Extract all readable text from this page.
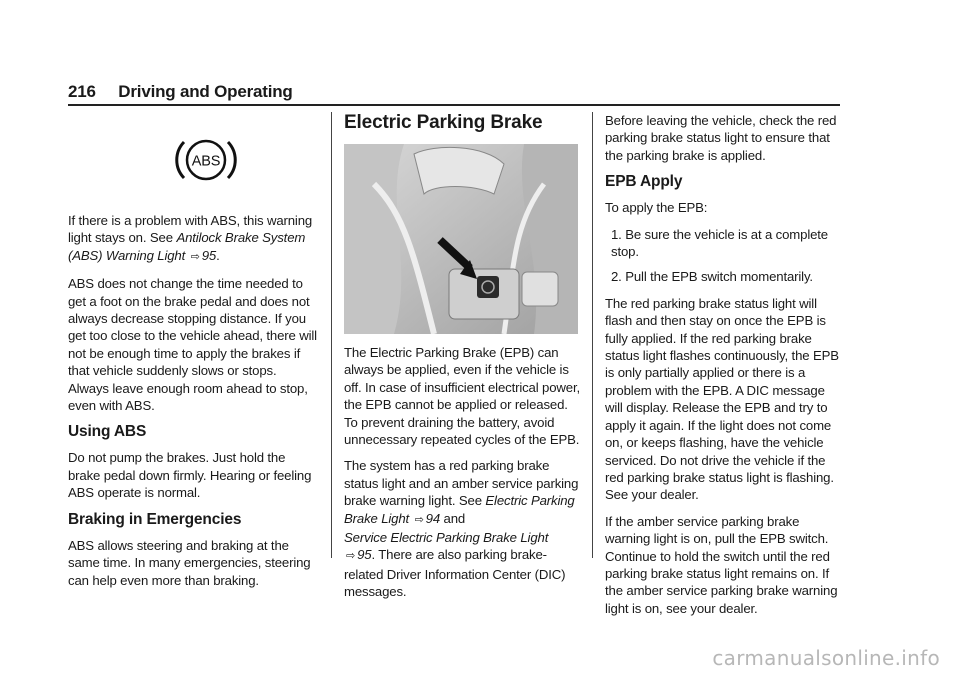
216 Driving and Operating
ABS

If there is a problem with ABS, this warning light stays on. See Antilock Brake System (ABS) Warning Light ⇨ 95.

ABS does not change the time needed to get a foot on the brake pedal and does not always decrease stopping distance. If you get too close to the vehicle ahead, there will not be enough time to apply the brakes if that vehicle suddenly slows or stops. Always leave enough room ahead to stop, even with ABS.

Using ABS

Do not pump the brakes. Just hold the brake pedal down firmly. Hearing or feeling ABS operate is normal.

Braking in Emergencies

ABS allows steering and braking at the same time. In many emergencies, steering can help even more than braking.

Electric Parking Brake

The Electric Parking Brake (EPB) can always be applied, even if the vehicle is off. In case of insufficient electrical power, the EPB cannot be applied or released. To prevent draining the battery, avoid unnecessary repeated cycles of the EPB.

The system has a red parking brake status light and an amber service parking brake warning light. See Electric Parking Brake Light ⇨ 94 and
Service Electric Parking Brake Light ⇨ 95. There are also parking brake-related Driver Information Center (DIC) messages.

Before leaving the vehicle, check the red parking brake status light to ensure that the parking brake is applied.

EPB Apply

To apply the EPB:

1. Be sure the vehicle is at a complete stop.
2. Pull the EPB switch momentarily.

The red parking brake status light will flash and then stay on once the EPB is fully applied. If the red parking brake status light flashes continuously, the EPB is only partially applied or there is a problem with the EPB. A DIC message will display. Release the EPB and try to apply it again. If the light does not come on, or keeps flashing, have the vehicle serviced. Do not drive the vehicle if the red parking brake status light is flashing. See your dealer.

If the amber service parking brake warning light is on, pull the EPB switch. Continue to hold the switch until the red parking brake status light remains on. If the amber service parking brake warning light is on, see your dealer.

carmanualsonline.info
